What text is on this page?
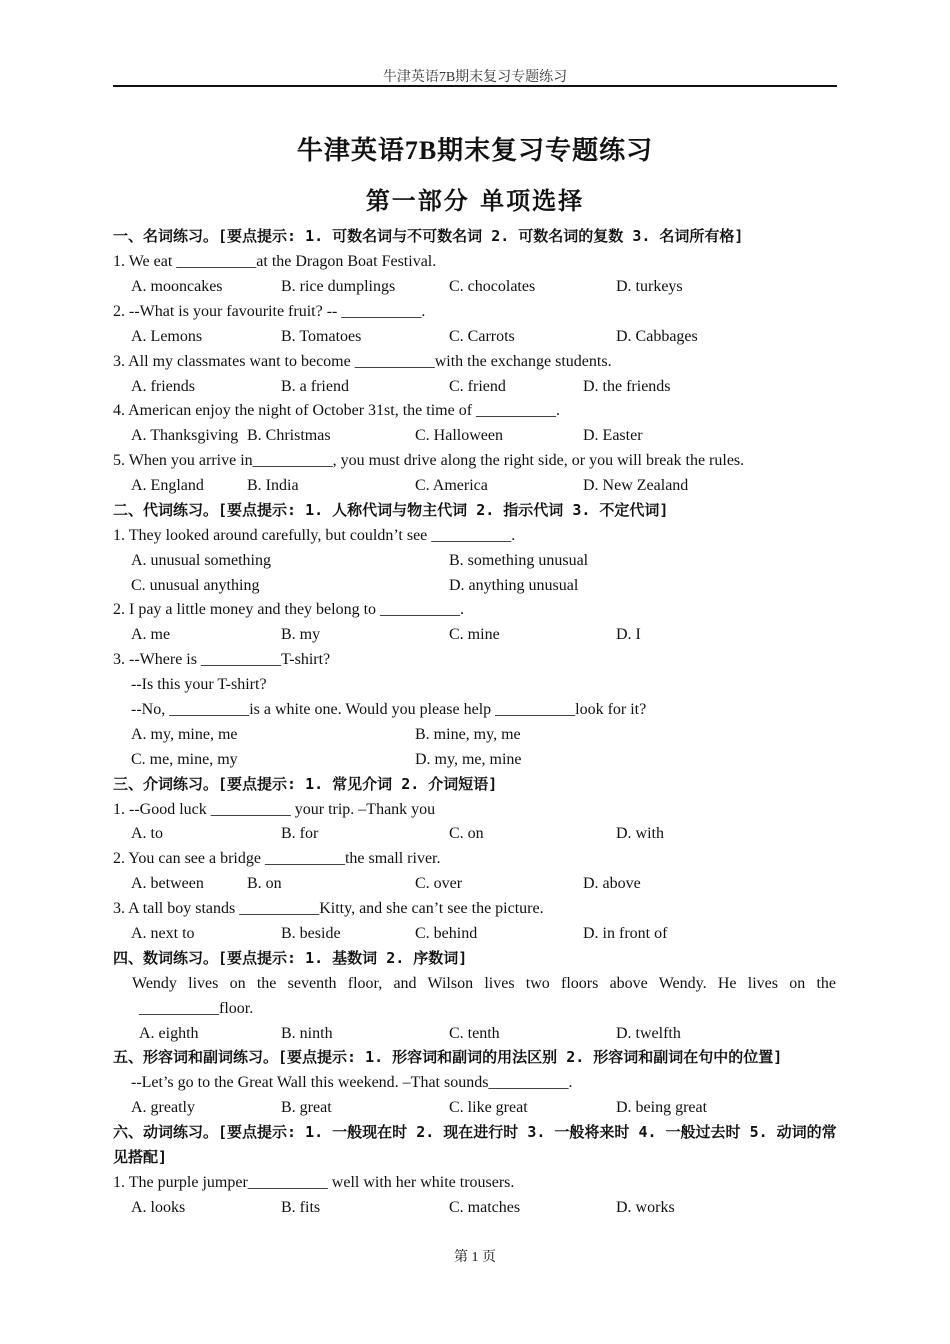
牛津英语7B期末复习专题练习
牛津英语7B期末复习专题练习
第一部分 单项选择
一、名词练习。[要点提示: 1. 可数名词与不可数名词 2. 可数名词的复数 3. 名词所有格]
1. We eat __________at the Dragon Boat Festival.
A. mooncakes	B. rice dumplings	C. chocolates	D. turkeys
2. --What is your favourite fruit? -- __________.
A. Lemons	B. Tomatoes	C. Carrots	D. Cabbages
3. All my classmates want to become __________with the exchange students.
A. friends	B. a friend	C. friend	D. the friends
4. American enjoy the night of October 31st, the time of __________.
A. Thanksgiving B. Christmas	C. Halloween	D. Easter
5. When you arrive in__________, you must drive along the right side, or you will break the rules.
A. England	B. India	C. America	D. New Zealand
二、代词练习。[要点提示: 1. 人称代词与物主代词 2. 指示代词 3. 不定代词]
1. They looked around carefully, but couldn’t see __________.
A. unusual something	B. something unusual
C. unusual anything	D. anything unusual
2. I pay a little money and they belong to __________.
A. me	B. my	C. mine	D. I
3. --Where is __________T-shirt?
--Is this your T-shirt?
--No, __________is a white one. Would you please help __________look for it?
A. my, mine, me	B. mine, my, me
C. me, mine, my	D. my, me, mine
三、介词练习。[要点提示: 1. 常见介词 2. 介词短语]
1. --Good luck __________ your trip. –Thank you
A. to	B. for	C. on	D. with
2. You can see a bridge __________the small river.
A. between	B. on	C. over	D. above
3. A tall boy stands __________Kitty, and she can’t see the picture.
A. next to	B. beside	C. behind	D. in front of
四、数词练习。[要点提示: 1. 基数词 2. 序数词]
Wendy lives on the seventh floor, and Wilson lives two floors above Wendy. He lives on the
__________floor.
A. eighth	B. ninth	C. tenth	D. twelfth
五、形容词和副词练习。[要点提示: 1. 形容词和副词的用法区别 2. 形容词和副词在句中的位置]
--Let’s go to the Great Wall this weekend. –That sounds__________.
A. greatly	B. great	C. like great	D. being great
六、动词练习。[要点提示: 1. 一般现在时 2. 现在进行时 3. 一般将来时 4. 一般过去时 5. 动词的常见搭配]
1. The purple jumper__________ well with her white trousers.
A. looks	B. fits	C. matches	D. works
第 1 页
